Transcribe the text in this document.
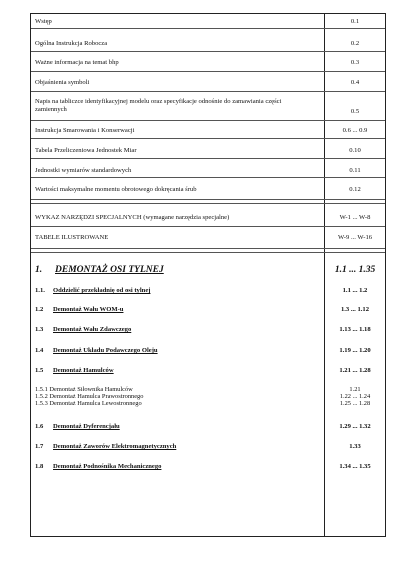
Wstęp	0.1
Ogólna Instrukcja Robocza	0.2
Ważne informacja na temat bhp	0.3
Objaśnienia symboli	0.4
Napis na tabliczce identyfikacyjnej modelu oraz specyfikacje odnośnie do zamawiania części zamiennych	0.5
Instrukcja Smarowania i Konserwacji	0.6 ... 0.9
Tabela Przeliczeniowa Jednostek Miar	0.10
Jednostki wymiarów standardowych	0.11
Wartości maksymalne momentu obrotowego dokręcania śrub	0.12
WYKAZ NARZĘDZI SPECJALNYCH (wymagane narzędzia specjalne)	W-1 ... W-8
TABELE ILUSTROWANE	W-9 ... W-16
1. DEMONTAŻ OSI TYLNEJ	1.1 ... 1.35
1.1. Oddzielić przekładnię od osi tylnej	1.1 ... 1.2
1.2 Demontaż Wału WOM-u	1.3 ... 1.12
1.3 Demontaż Wału Zdawczego	1.13 ... 1.18
1.4 Demontaż Układu Podawczego Oleju	1.19 ... 1.20
1.5 Demontaż Hamulców	1.21 ... 1.28
1.5.1 Demontaż Siłownika Hamulców	1.21
1.5.2 Demontaż Hamulca Prawostronnego	1.22 ... 1.24
1.5.3 Demontaż Hamulca Lewostronnego	1.25 ... 1.28
1.6 Demontaż Dyferencjału	1.29 ... 1.32
1.7 Demontaż Zaworów Elektromagnetycznych	1.33
1.8 Demontaż Podnośnika Mechanicznego	1.34 ... 1.35
